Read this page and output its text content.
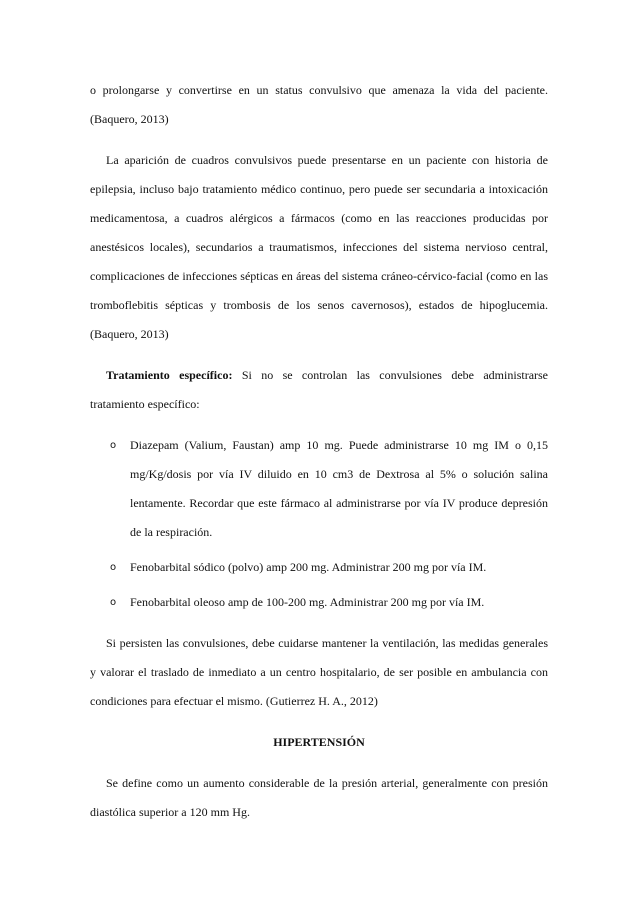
o prolongarse y convertirse en un status convulsivo que amenaza la vida del paciente. (Baquero, 2013)

La aparición de cuadros convulsivos puede presentarse en un paciente con historia de epilepsia, incluso bajo tratamiento médico continuo, pero puede ser secundaria a intoxicación medicamentosa, a cuadros alérgicos a fármacos (como en las reacciones producidas por anestésicos locales), secundarios a traumatismos, infecciones del sistema nervioso central, complicaciones de infecciones sépticas en áreas del sistema cráneo-cérvico-facial (como en las tromboflebitis sépticas y trombosis de los senos cavernosos), estados de hipoglucemia. (Baquero, 2013)

Tratamiento específico: Si no se controlan las convulsiones debe administrarse tratamiento específico:

o Diazepam (Valium, Faustan) amp 10 mg. Puede administrarse 10 mg IM o 0,15 mg/Kg/dosis por vía IV diluido en 10 cm3 de Dextrosa al 5% o solución salina lentamente. Recordar que este fármaco al administrarse por vía IV produce depresión de la respiración.
o Fenobarbital sódico (polvo) amp 200 mg. Administrar 200 mg por vía IM.
o Fenobarbital oleoso amp de 100-200 mg. Administrar 200 mg por vía IM.

Si persisten las convulsiones, debe cuidarse mantener la ventilación, las medidas generales y valorar el traslado de inmediato a un centro hospitalario, de ser posible en ambulancia con condiciones para efectuar el mismo. (Gutierrez H. A., 2012)

HIPERTENSIÓN

Se define como un aumento considerable de la presión arterial, generalmente con presión diastólica superior a 120 mm Hg.
